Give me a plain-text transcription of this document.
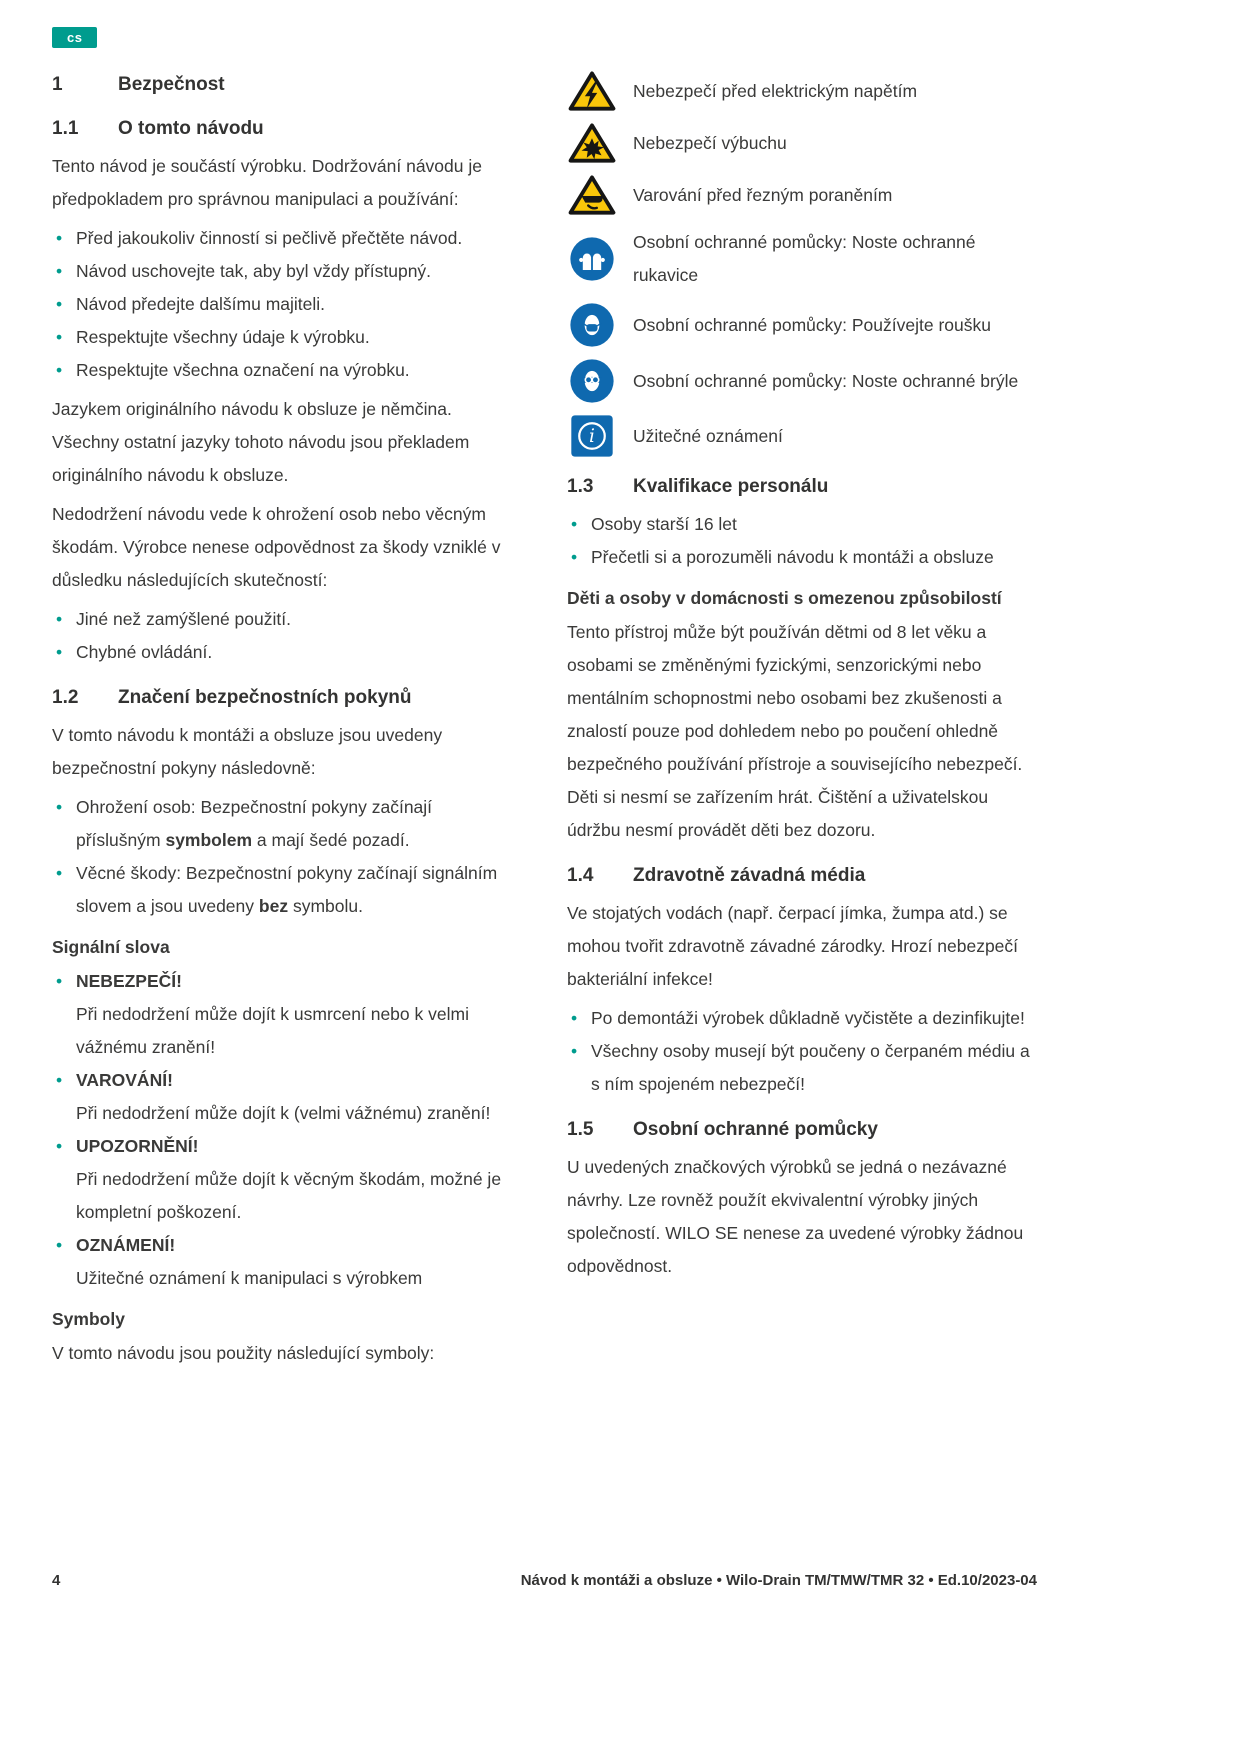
cs
1	Bezpečnost
1.1	O tomto návodu

Tento návod je součástí výrobku. Dodržování návodu je předpokladem pro správnou manipulaci a používání:

• Před jakoukoliv činností si pečlivě přečtěte návod.
• Návod uschovejte tak, aby byl vždy přístupný.
• Návod předejte dalšímu majiteli.
• Respektujte všechny údaje k výrobku.
• Respektujte všechna označení na výrobku.

Jazykem originálního návodu k obsluze je němčina. Všechny ostatní jazyky tohoto návodu jsou překladem originálního návodu k obsluze.

Nedodržení návodu vede k ohrožení osob nebo věcným škodám. Výrobce nenese odpovědnost za škody vzniklé v důsledku následujících skutečností:

• Jiné než zamýšlené použití.
• Chybné ovládání.
1.2	Značení bezpečnostních pokynů

V tomto návodu k montáži a obsluze jsou uvedeny bezpečnostní pokyny následovně:

• Ohrožení osob: Bezpečnostní pokyny začínají příslušným symbolem a mají šedé pozadí.
• Věcné škody: Bezpečnostní pokyny začínají signálním slovem a jsou uvedeny bez symbolu.
Signální slova
• NEBEZPEČÍ!
Při nedodržení může dojít k usmrcení nebo k velmi vážnému zranění!
• VAROVÁNÍ!
Při nedodržení může dojít k (velmi vážnému) zranění!
• UPOZORNĚNÍ!
Při nedodržení může dojít k věcným škodám, možné je kompletní poškození.
• OZNÁMENÍ!
Užitečné oznámení k manipulaci s výrobkem
Symboly

V tomto návodu jsou použity následující symboly:

Nebezpečí před elektrickým napětím
Nebezpečí výbuchu
Varování před řezným poraněním
Osobní ochranné pomůcky: Noste ochranné rukavice
Osobní ochranné pomůcky: Používejte roušku
Osobní ochranné pomůcky: Noste ochranné brýle
i Užitečné oznámení
1.3	Kvalifikace personálu
• Osoby starší 16 let
• Přečetli si a porozuměli návodu k montáži a obsluze
Děti a osoby v domácnosti s omezenou způsobilostí

Tento přístroj může být používán dětmi od 8 let věku a osobami se změněnými fyzickými, senzorickými nebo mentálním schopnostmi nebo osobami bez zkušenosti a znalostí pouze pod dohledem nebo po poučení ohledně bezpečného používání přístroje a souvisejícího nebezpečí. Děti si nesmí se zařízením hrát. Čištění a uživatelskou údržbu nesmí provádět děti bez dozoru.

1.4	Zdravotně závadná média

Ve stojatých vodách (např. čerpací jímka, žumpa atd.) se mohou tvořit zdravotně závadné zárodky. Hrozí nebezpečí bakteriální infekce!

• Po demontáži výrobek důkladně vyčistěte a dezinfikujte!
• Všechny osoby musejí být poučeny o čerpaném médiu a s ním spojeném nebezpečí!
1.5	Osobní ochranné pomůcky

U uvedených značkových výrobků se jedná o nezávazné návrhy. Lze rovněž použít ekvivalentní výrobky jiných společností. WILO SE nenese za uvedené výrobky žádnou odpovědnost.

4	Návod k montáži a obsluze • Wilo-Drain TM/TMW/TMR 32 • Ed.10/2023-04
